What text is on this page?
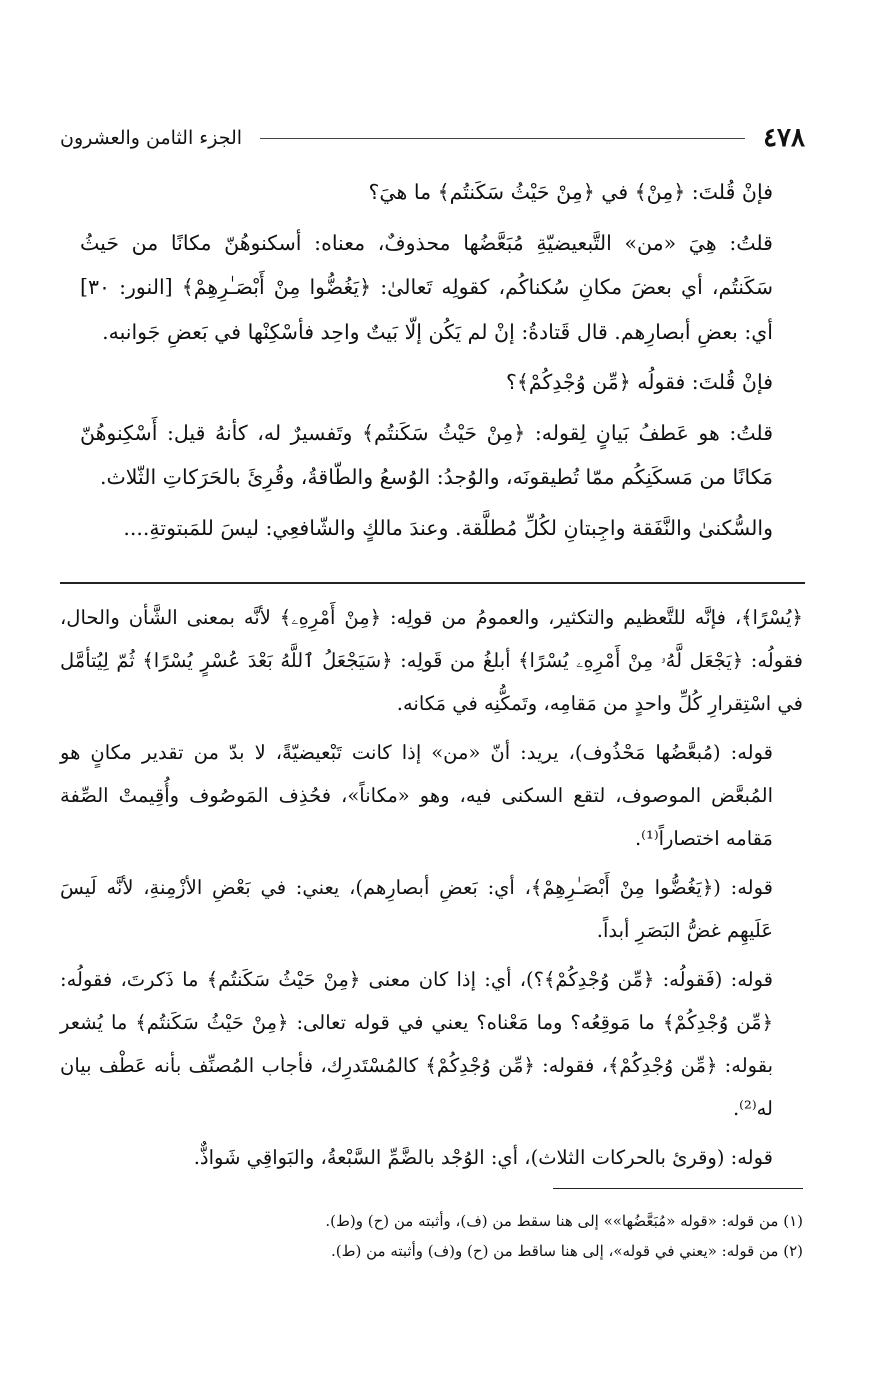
٤٧٨
الجزء الثامن والعشرون

فإنْ قُلتَ: ﴿مِنْ﴾ في ﴿مِنْ حَيْثُ سَكَنتُم﴾ ما هيَ؟

قلتُ: هِيَ «من» التَّبعيضيّةِ مُبَعَّضُها محذوفٌ، معناه: أسكنوهُنّ مكانًا من حَيثُ سَكَنتُم، أي بعضَ مكانِ سُكناكُم، كقولِه تَعالىٰ: ﴿يَغُضُّوا مِنْ أَبْصَـٰرِهِمْ﴾ [النور: ٣٠] أي: بعضِ أبصارِهم. قال قَتادةُ: إنْ لم يَكُن إلّا بَيتٌ واحِد فأسْكِنْها في بَعضِ جَوانبه.

فإنْ قُلتَ: فقولُه ﴿مِّن وُجْدِكُمْ﴾؟

قلتُ: هو عَطفُ بَيانٍ لِقوله: ﴿مِنْ حَيْثُ سَكَنتُم﴾ وتَفسيرٌ له، كأنهُ قيل: أَسْكِنوهُنّ مَكانًا من مَسكَنِكُم ممّا تُطيقونَه، والوُجدُ: الوُسعُ والطّاقةُ، وقُرِئَ بالحَرَكاتِ الثّلاث.

والسُّكنىٰ والنَّفَقة واجِبتانِ لكُلِّ مُطلَّقة. وعندَ مالكٍ والشّافعِي: ليسَ للمَبتوتةِ....

﴿يُسْرًا﴾، فإنَّه للتَّعظيم والتكثير، والعمومُ من قولِه: ﴿مِنْ أَمْرِهِۦ﴾ لأنَّه بمعنى الشَّأن والحال، فقولُه: ﴿يَجْعَل لَّهُۥ مِنْ أَمْرِهِۦ يُسْرًا﴾ أبلغُ من قَولِه: ﴿سَيَجْعَلُ ٱللَّهُ بَعْدَ عُسْرٍ يُسْرًا﴾ ثُمّ لِيُتأمَّل في اسْتِقرارِ كُلِّ واحدٍ من مَقامِه، وتَمكُّنِه في مَكانه.

قوله: (مُبعَّضُها مَحْذُوف)، يريد: أنّ «من» إذا كانت تَبْعيضيّةً، لا بدّ من تقدير مكانٍ هو المُبعَّض الموصوف، لتقع السكنى فيه، وهو «مكاناً»، فحُذِف المَوصُوف وأُقِيمتْ الصِّفة مَقامه اختصاراً⁽¹⁾.

قوله: (﴿يَغُضُّوا مِنْ أَبْصَـٰرِهِمْ﴾، أي: بَعضِ أبصارِهم)، يعني: في بَعْضِ الأزْمِنةِ، لأنَّه لَيسَ عَلَيهِم غضُّ البَصَرِ أبداً.

قوله: (فَقولُه: ﴿مِّن وُجْدِكُمْ﴾؟)، أي: إذا كان معنى ﴿مِنْ حَيْثُ سَكَنتُم﴾ ما ذَكرتَ، فقولُه: ﴿مِّن وُجْدِكُمْ﴾ ما مَوقِعُه؟ وما مَعْناه؟ يعني في قوله تعالى: ﴿مِنْ حَيْثُ سَكَنتُم﴾ ما يُشعر بقوله: ﴿مِّن وُجْدِكُمْ﴾، فقوله: ﴿مِّن وُجْدِكُمْ﴾ كالمُسْتَدرِك، فأجاب المُصنِّف بأنه عَطْف بيان له⁽²⁾.

قوله: (وقرئ بالحركات الثلاث)، أي: الوُجْد بالضَّمِّ السَّبْعةُ، والبَواقِي شَواذٌّ.

(١) من قوله: «قوله «مُبَعَّضُها»» إلى هنا سقط من (ف)، وأثبته من (ح) و(ط).

(٢) من قوله: «يعني في قوله»، إلى هنا ساقط من (ح) و(ف) وأثبته من (ط).
